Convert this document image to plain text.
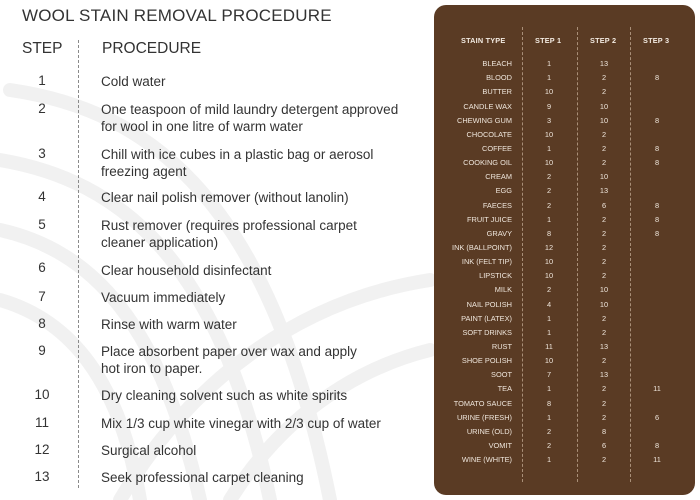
WOOL STAIN REMOVAL PROCEDURE
STEP	PROCEDURE
1	Cold water
2	One teaspoon of mild laundry detergent approved
for wool in one litre of warm water
3	Chill with ice cubes in a plastic bag or aerosol
freezing agent
4	Clear nail polish remover (without lanolin)
5	Rust remover (requires professional carpet
cleaner application)
6	Clear household disinfectant
7	Vacuum immediately
8	Rinse with warm water
9	Place absorbent paper over wax and apply
hot iron to paper.
10	Dry cleaning solvent such as white spirits
11	Mix 1/3 cup white vinegar with 2/3 cup of water
12	Surgical alcohol
13	Seek professional carpet cleaning
STAIN TYPE	STEP 1	STEP 2	STEP 3
BLEACH	1	13
BLOOD	1	2	8
BUTTER	10	2
CANDLE WAX	9	10
CHEWING GUM	3	10	8
CHOCOLATE	10	2
COFFEE	1	2	8
COOKING OIL	10	2	8
CREAM	2	10
EGG	2	13
FAECES	2	6	8
FRUIT JUICE	1	2	8
GRAVY	8	2	8
INK (BALLPOINT)	12	2
INK (FELT TIP)	10	2
LIPSTICK	10	2
MILK	2	10
NAIL POLISH	4	10
PAINT (LATEX)	1	2
SOFT DRINKS	1	2
RUST	11	13
SHOE POLISH	10	2
SOOT	7	13
TEA	1	2	11
TOMATO SAUCE	8	2
URINE (FRESH)	1	2	6
URINE (OLD)	2	8
VOMIT	2	6	8
WINE (WHITE)	1	2	11
